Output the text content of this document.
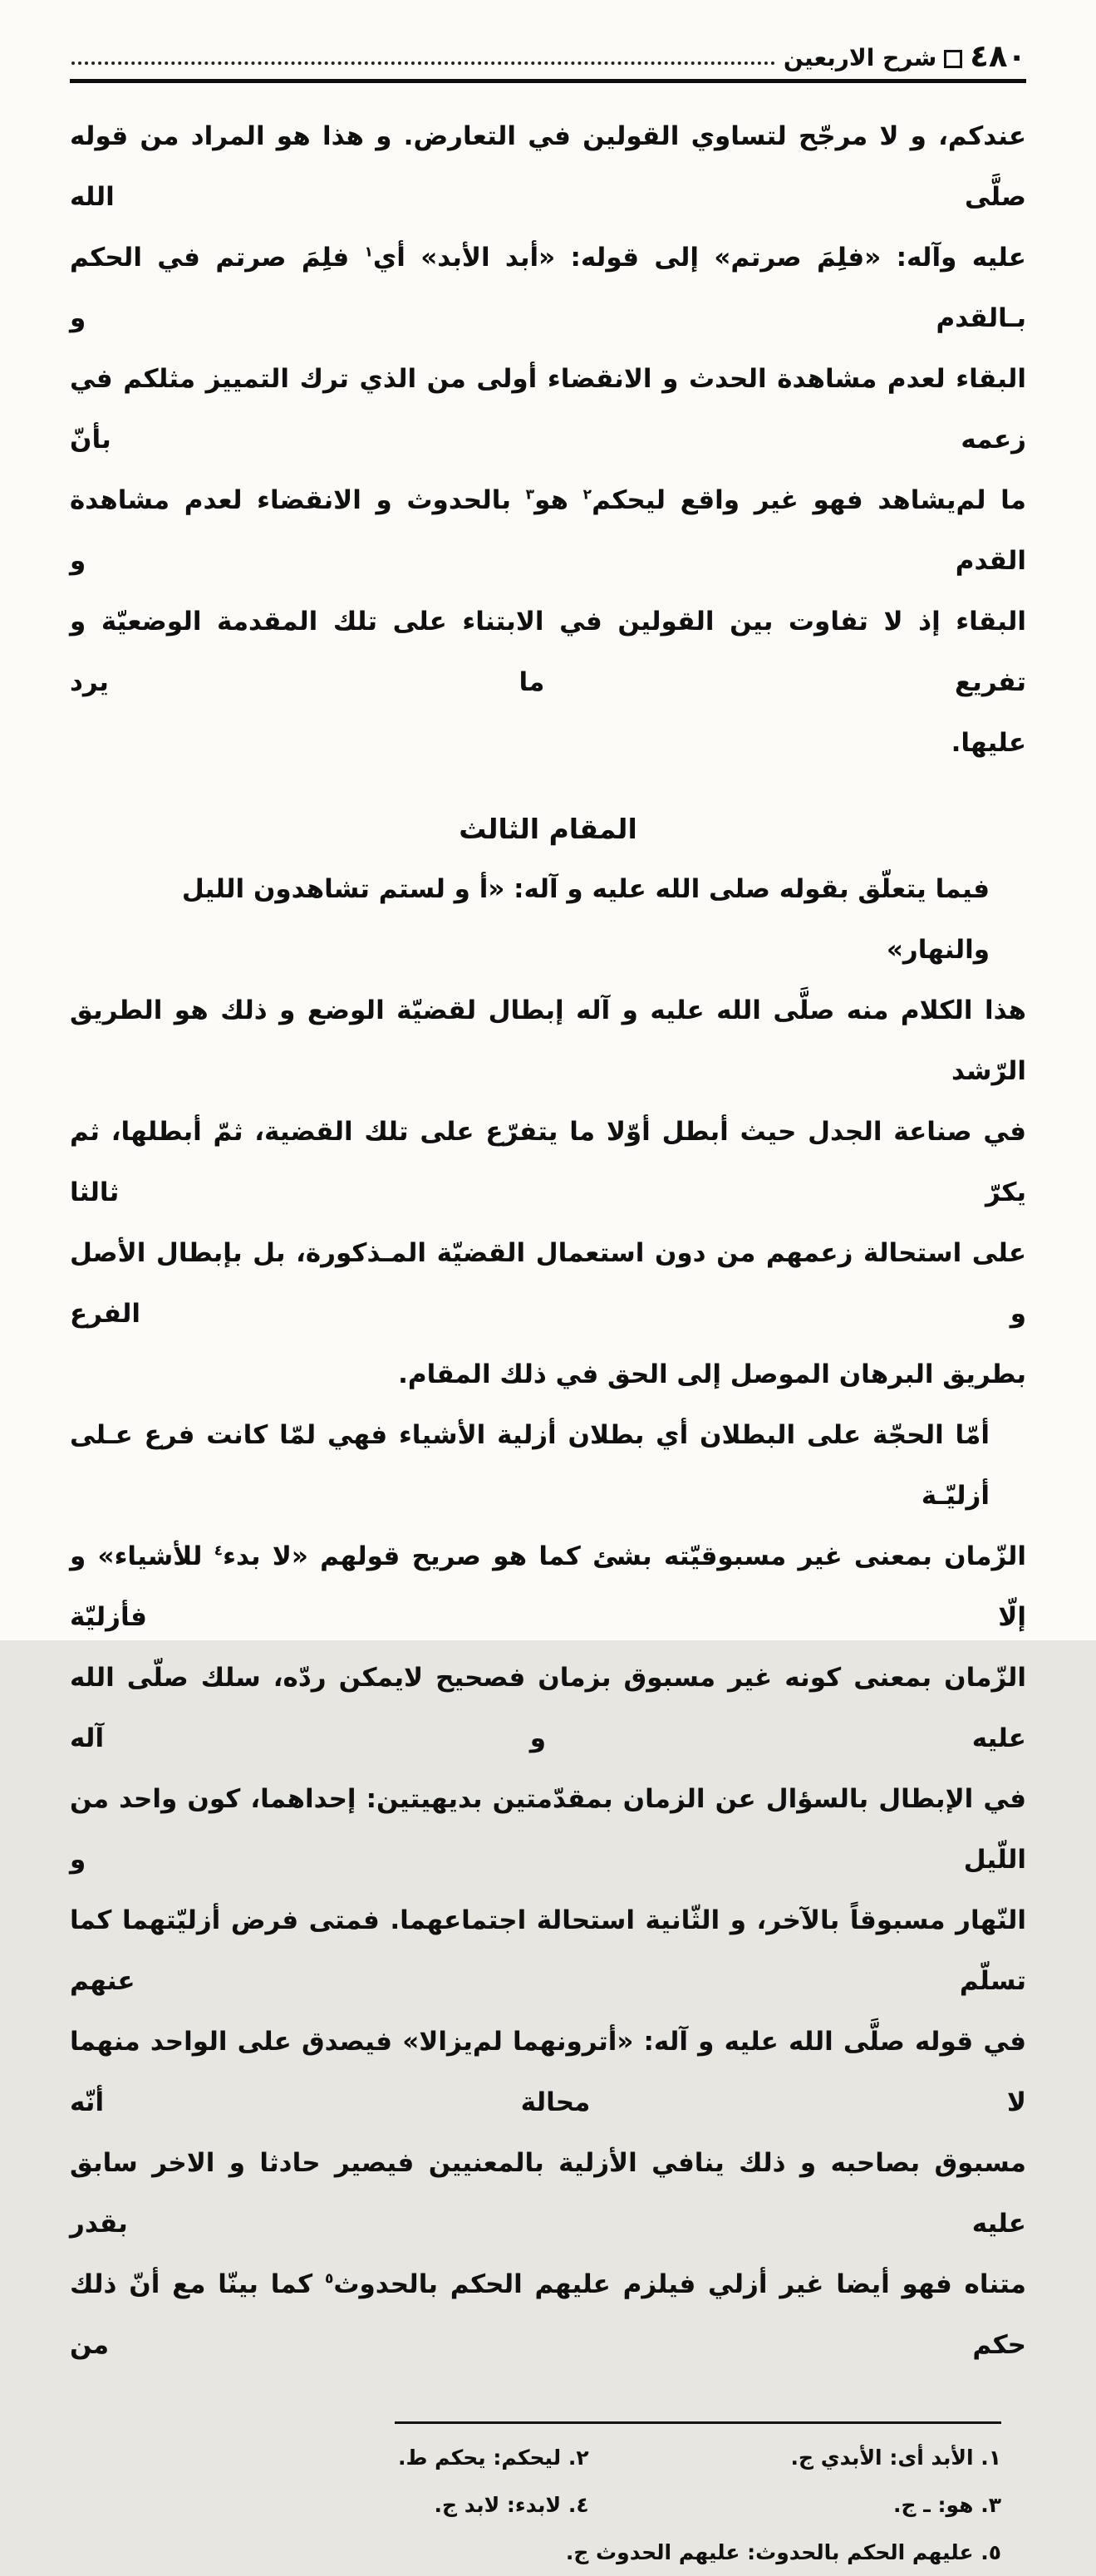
٤٨٠
شرح الاربعين
عندكم، و لا مرجّح لتساوي القولين في التعارض. و هذا هو المراد من قوله صلَّى الله
عليه وآله: «فلِمَ صرتم» إلى قوله: «أبد الأبد» أي$^١$ فلِمَ صرتم في الحكم بـالقدم و
البقاء لعدم مشاهدة الحدث و الانقضاء أولى من الذي ترك التمييز مثلكم في زعمه بأنّ
ما لم‌يشاهد فهو غير واقع ليحكم$^٢$ هو$^٣$ بالحدوث و الانقضاء لعدم مشاهدة القدم و
البقاء إذ لا تفاوت بين القولين في الابتناء على تلك المقدمة الوضعيّة و تفريع ما يرد
عليها.
المقام الثالث
فيما يتعلّق بقوله صلى الله عليه و آله: «أ و لستم تشاهدون الليل والنهار»
هذا الكلام منه صلَّى الله عليه و آله إبطال لقضيّة الوضع و ذلك هو الطريق الرّشد
في صناعة الجدل حيث أبطل أوّلا ما يتفرّع على تلك القضية، ثمّ أبطلها، ثم يكرّ ثالثا
على استحالة زعمهم من دون استعمال القضيّة المـذكورة، بل بإبطال الأصل و الفرع
بطريق البرهان الموصل إلى الحق في ذلك المقام.
أمّا الحجّة على البطلان أي بطلان أزلية الأشياء فهي لمّا كانت فرع عـلى أزليّـة
الزّمان بمعنى غير مسبوقيّته بشئ كما هو صريح قولهم «لا بدء$^٤$ للأشياء» و إلّا فأزليّة
الزّمان بمعنى كونه غير مسبوق بزمان فصحيح لايمكن ردّه، سلك صلّى الله عليه و آله
في الإبطال بالسؤال عن الزمان بمقدّمتين بديهيتين: إحداهما، كون واحد من اللّيل و
النّهار مسبوقاً بالآخر، و الثّانية استحالة اجتماعهما. فمتى فرض أزليّتهما كما تسلّم عنهم
في قوله صلَّى الله عليه و آله: «أترونهما لم‌يزالا» فيصدق على الواحد منهما لا محالة أنّه
مسبوق بصاحبه و ذلك ينافي الأزلية بالمعنيين فيصير حادثا و الاخر سابق عليه بقدر
متناه فهو أيضا غير أزلي فيلزم عليهم الحكم بالحدوث$^٥$ كما بينّا مع أنّ ذلك حكم من
١. الأبد أى: الأبدي ج.
٢. ليحكم: يحكم ط.
٣. هو: ـ ج.
٤. لابدء: لابد ج.
٥. عليهم الحكم بالحدوث: عليهم الحدوث ج.
